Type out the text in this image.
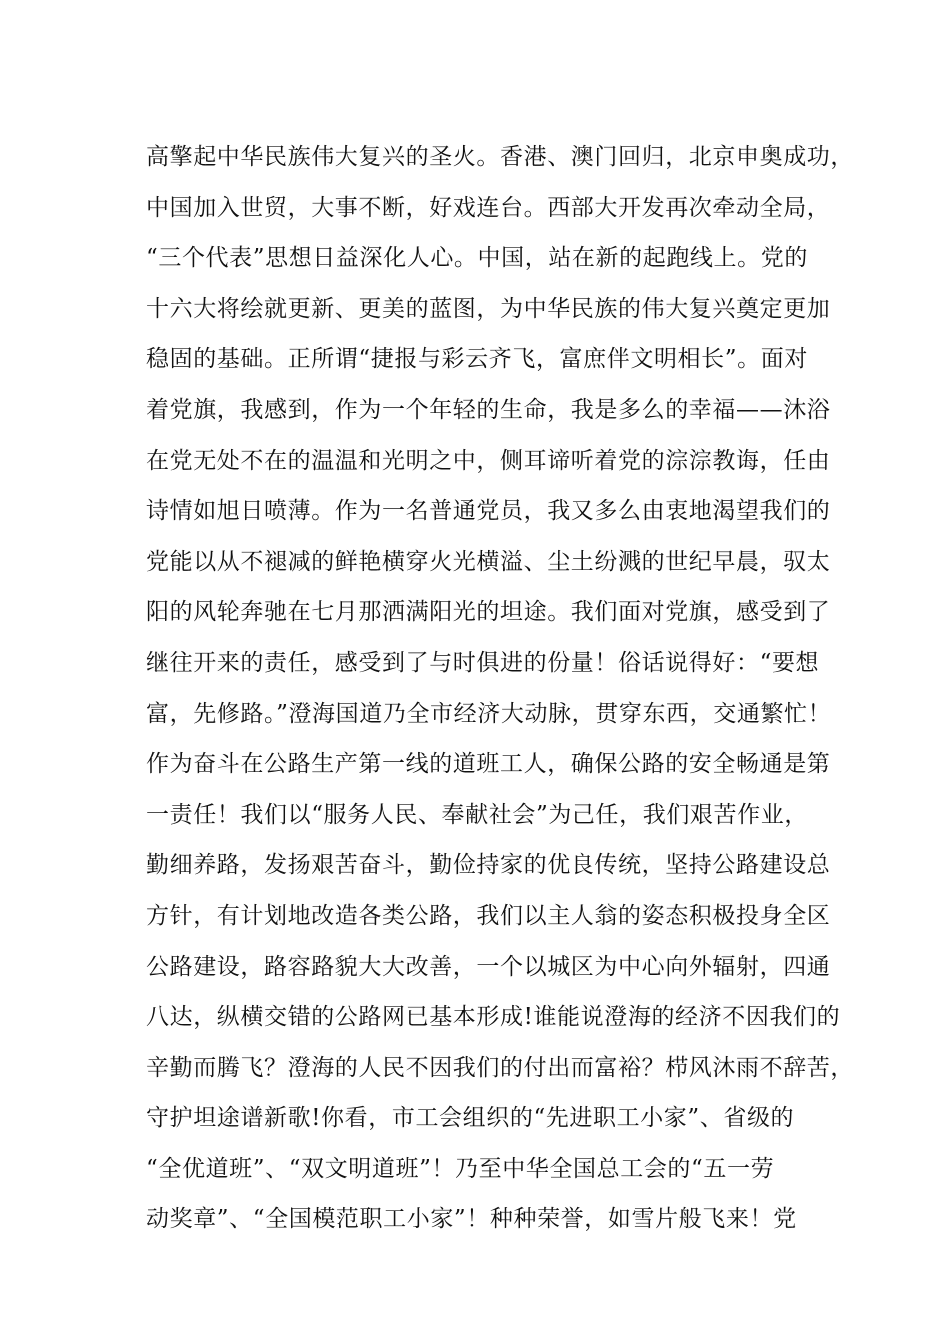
高擎起中华民族伟大复兴的圣火。香港、澳门回归，北京申奥成功，
中国加入世贸，大事不断，好戏连台。西部大开发再次牵动全局，
“三个代表”思想日益深化人心。中国，站在新的起跑线上。党的
十六大将绘就更新、更美的蓝图，为中华民族的伟大复兴奠定更加
稳固的基础。正所谓“捷报与彩云齐飞，富庶伴文明相长”。面对
着党旗，我感到，作为一个年轻的生命，我是多么的幸福——沐浴
在党无处不在的温温和光明之中，侧耳谛听着党的淙淙教诲，任由
诗情如旭日喷薄。作为一名普通党员，我又多么由衷地渴望我们的
党能以从不褪减的鲜艳横穿火光横溢、尘土纷溅的世纪早晨，驭太
阳的风轮奔驰在七月那洒满阳光的坦途。我们面对党旗，感受到了
继往开来的责任，感受到了与时俱进的份量！俗话说得好：“要想
富，先修路。”澄海国道乃全市经济大动脉，贯穿东西，交通繁忙！
作为奋斗在公路生产第一线的道班工人，确保公路的安全畅通是第
一责任！我们以“服务人民、奉献社会”为己任，我们艰苦作业，
勤细养路，发扬艰苦奋斗，勤俭持家的优良传统，坚持公路建设总
方针，有计划地改造各类公路，我们以主人翁的姿态积极投身全区
公路建设，路容路貌大大改善，一个以城区为中心向外辐射，四通
八达，纵横交错的公路网已基本形成!谁能说澄海的经济不因我们的
辛勤而腾飞？澄海的人民不因我们的付出而富裕？栉风沐雨不辞苦，
守护坦途谱新歌!你看，市工会组织的“先进职工小家”、省级的
“全优道班”、“双文明道班”！乃至中华全国总工会的“五一劳
动奖章”、“全国模范职工小家”！种种荣誉，如雪片般飞来！党
